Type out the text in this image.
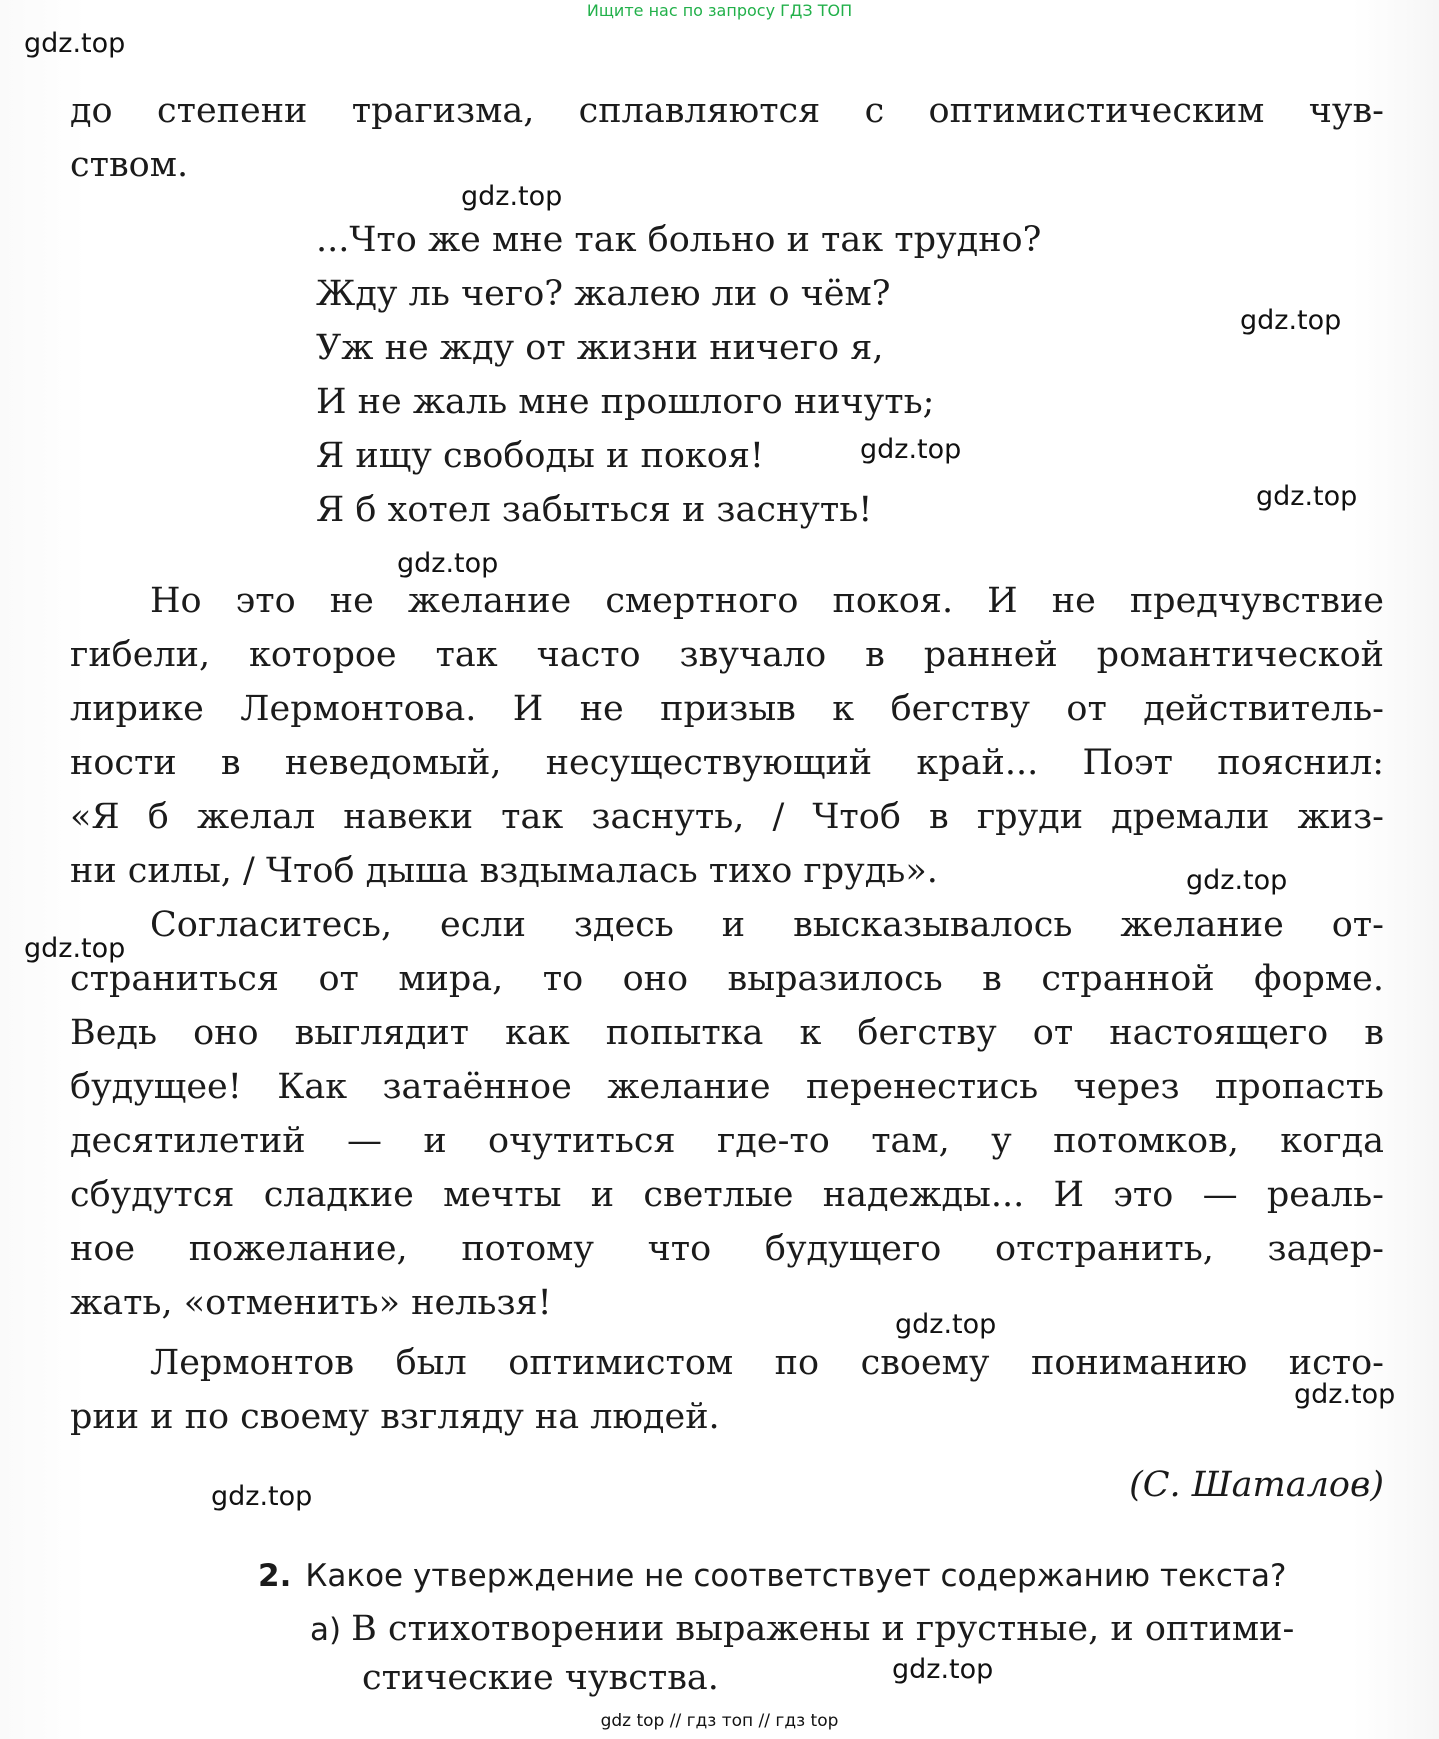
Ищите нас по запросу ГДЗ ТОП
gdz.top
gdz.top
gdz.top
gdz.top
gdz.top
gdz.top
gdz.top
gdz.top
gdz.top
gdz.top
gdz.top
gdz.top
до степени трагизма, сплавляются с оптимистическим чув-
ством.
...Что же мне так больно и так трудно?
Жду ль чего? жалею ли о чём?
Уж не жду от жизни ничего я,
И не жаль мне прошлого ничуть;
Я ищу свободы и покоя!
Я б хотел забыться и заснуть!
Но это не желание смертного покоя. И не предчувствие
гибели, которое так часто звучало в ранней романтической
лирике Лермонтова. И не призыв к бегству от действитель-
ности в неведомый, несуществующий край... Поэт пояснил:
«Я б желал навеки так заснуть, / Чтоб в груди дремали жиз-
ни силы, / Чтоб дыша вздымалась тихо грудь».
Согласитесь, если здесь и высказывалось желание от-
страниться от мира, то оно выразилось в странной форме.
Ведь оно выглядит как попытка к бегству от настоящего в
будущее! Как затаённое желание перенестись через пропасть
десятилетий — и очутиться где-то там, у потомков, когда
сбудутся сладкие мечты и светлые надежды... И это — реаль-
ное пожелание, потому что будущего отстранить, задер-
жать, «отменить» нельзя!
Лермонтов был оптимистом по своему пониманию исто-
рии и по своему взгляду на людей.
(С. Шаталов)
2. Какое утверждение не соответствует содержанию текста?
а) В стихотворении выражены и грустные, и оптими-
стические чувства.
gdz top // гдз топ // гдз top
